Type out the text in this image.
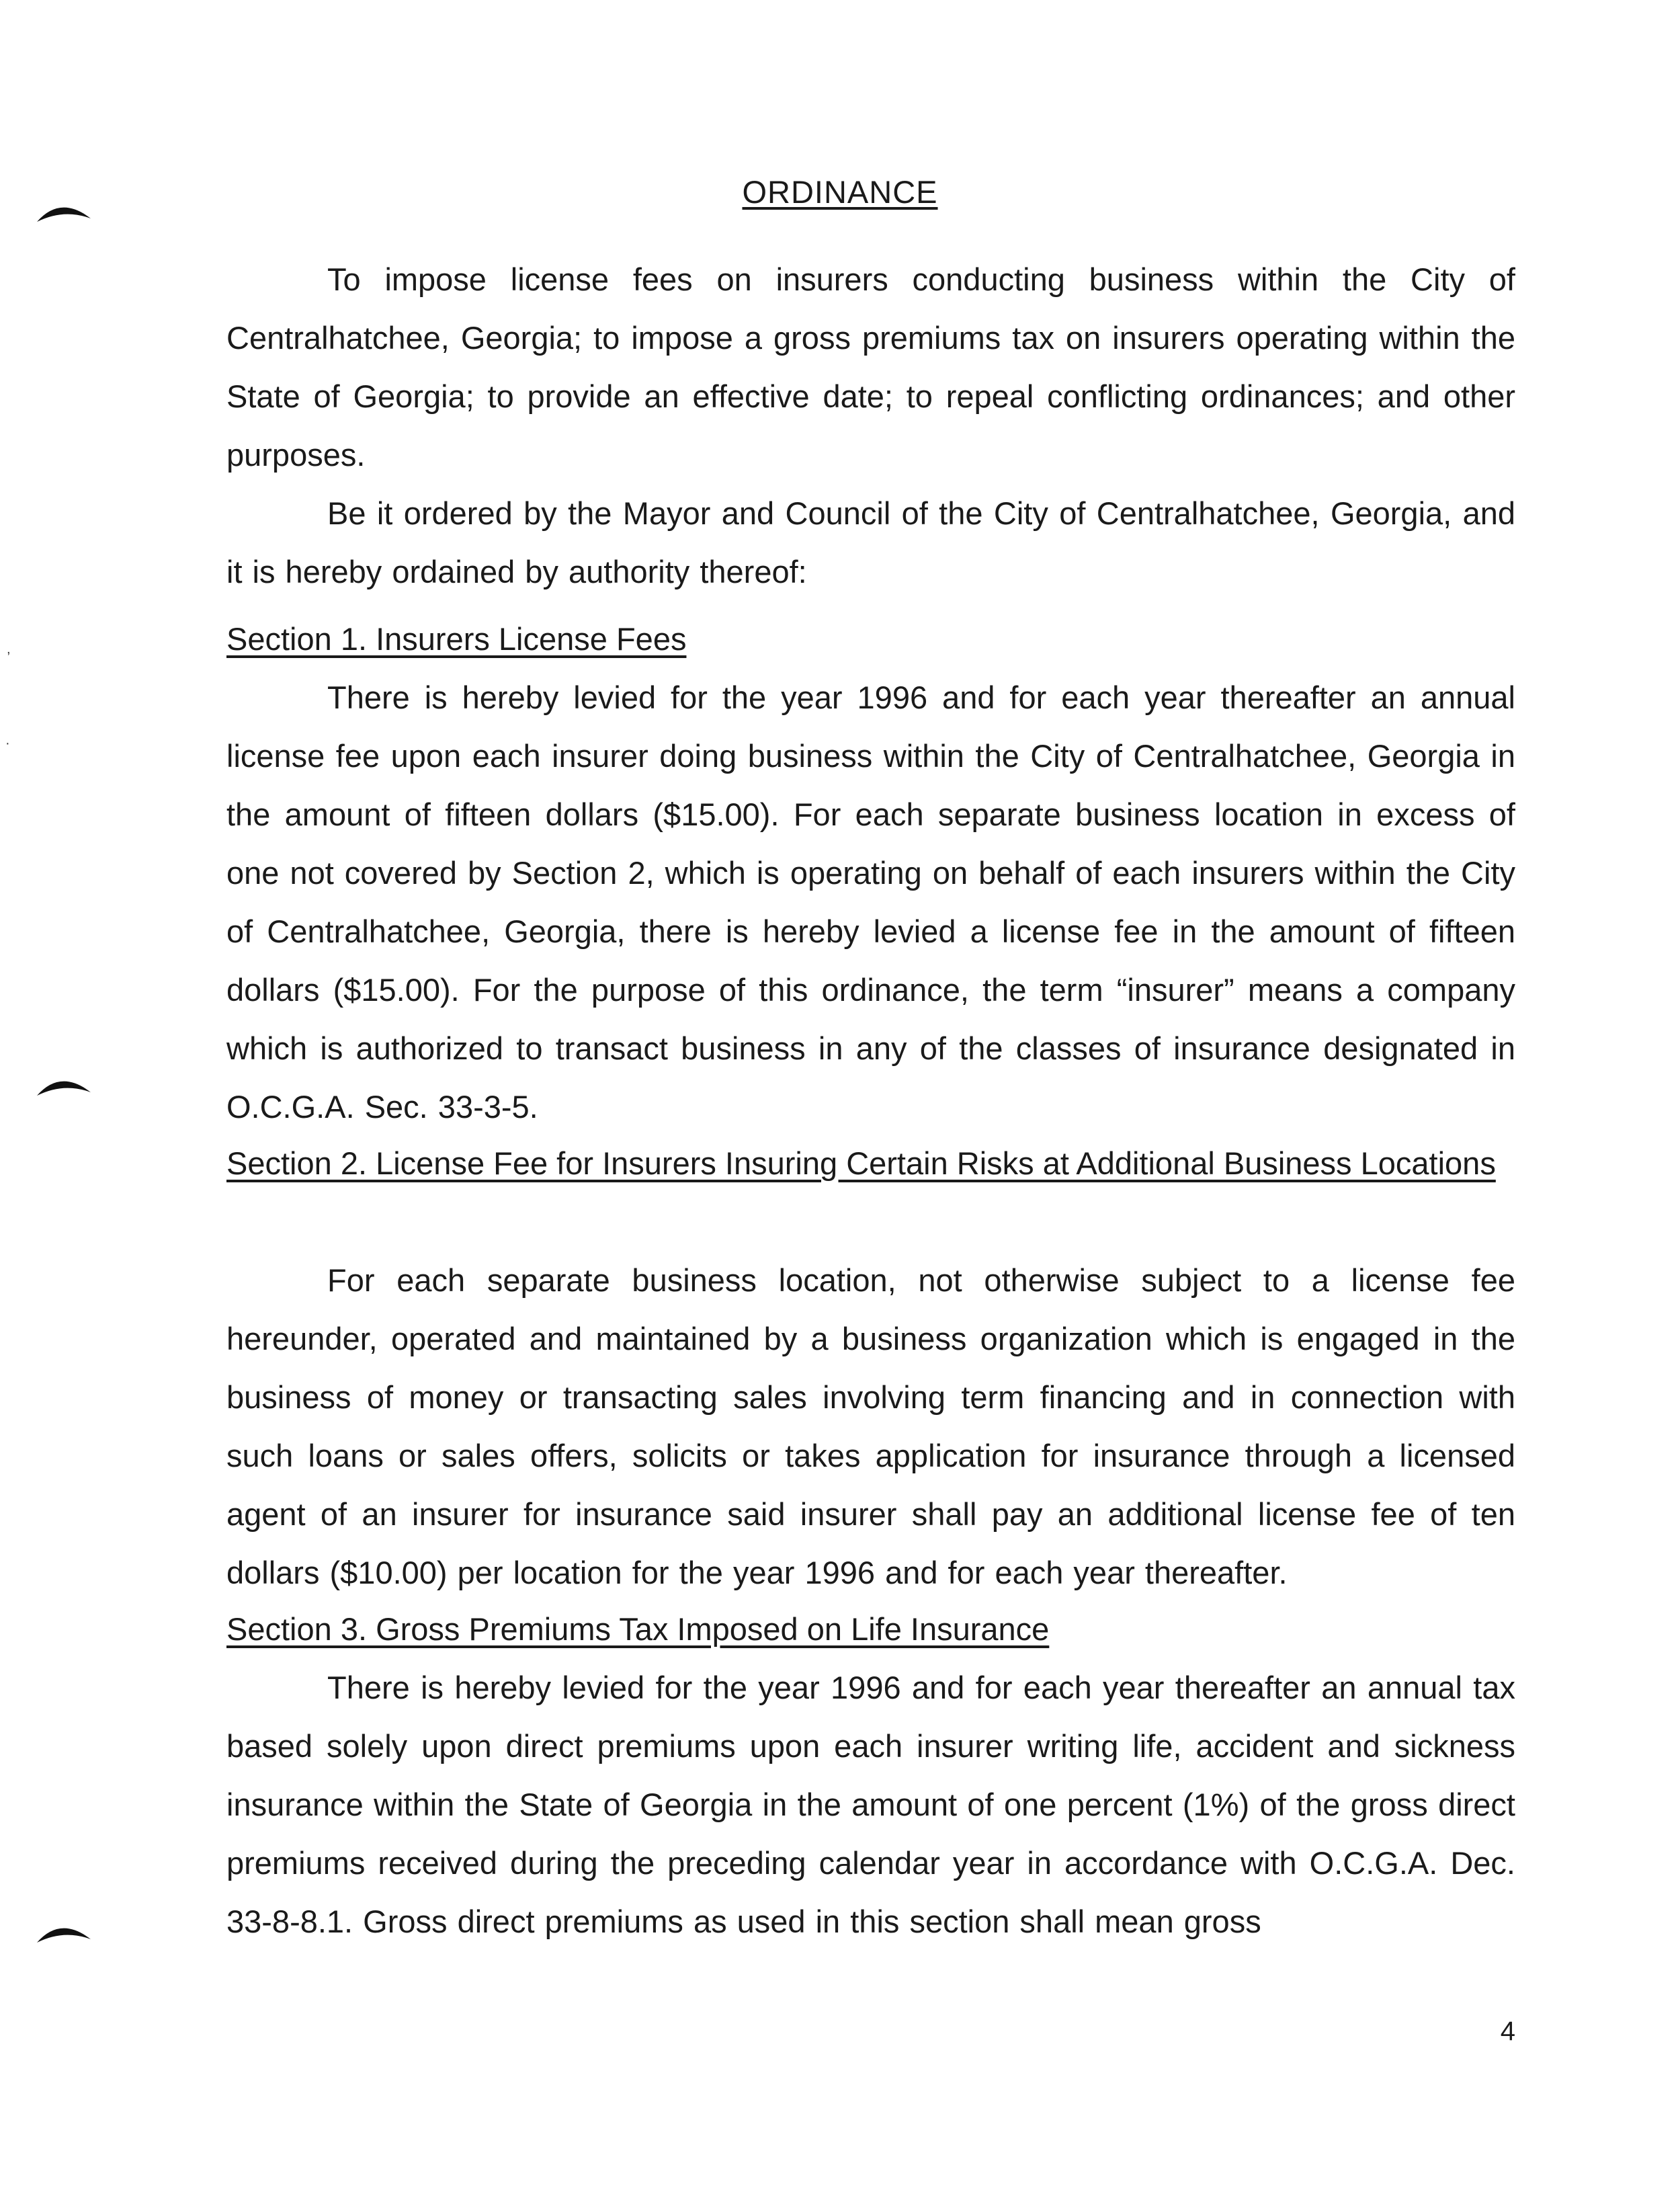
,
·
ORDINANCE
To impose license fees on insurers conducting business within the City of Centralhatchee, Georgia; to impose a gross premiums tax on insurers operating within the State of Georgia; to provide an effective date; to repeal conflicting ordinances; and other purposes.
Be it ordered by the Mayor and Council of the City of Centralhatchee, Georgia, and it is hereby ordained by authority thereof:
Section 1. Insurers License Fees
There is hereby levied for the year 1996 and for each year thereafter an annual license fee upon each insurer doing business within the City of Centralhatchee, Georgia in the amount of fifteen dollars ($15.00). For each separate business location in excess of one not covered by Section 2, which is operating on behalf of each insurers within the City of Centralhatchee, Georgia, there is hereby levied a license fee in the amount of fifteen dollars ($15.00). For the purpose of this ordinance, the term “insurer” means a company which is authorized to transact business in any of the classes of insurance designated in O.C.G.A. Sec. 33-3-5.
Section 2. License Fee for Insurers Insuring Certain Risks at Additional Business Locations
For each separate business location, not otherwise subject to a license fee hereunder, operated and maintained by a business organization which is engaged in the business of money or transacting sales involving term financing and in connection with such loans or sales offers, solicits or takes application for insurance through a licensed agent of an insurer for insurance said insurer shall pay an additional license fee of ten dollars ($10.00) per location for the year 1996 and for each year thereafter.
Section 3. Gross Premiums Tax Imposed on Life Insurance
There is hereby levied for the year 1996 and for each year thereafter an annual tax based solely upon direct premiums upon each insurer writing life, accident and sickness insurance within the State of Georgia in the amount of one percent (1%) of the gross direct premiums received during the preceding calendar year in accordance with O.C.G.A. Dec. 33-8-8.1. Gross direct premiums as used in this section shall mean gross
4
